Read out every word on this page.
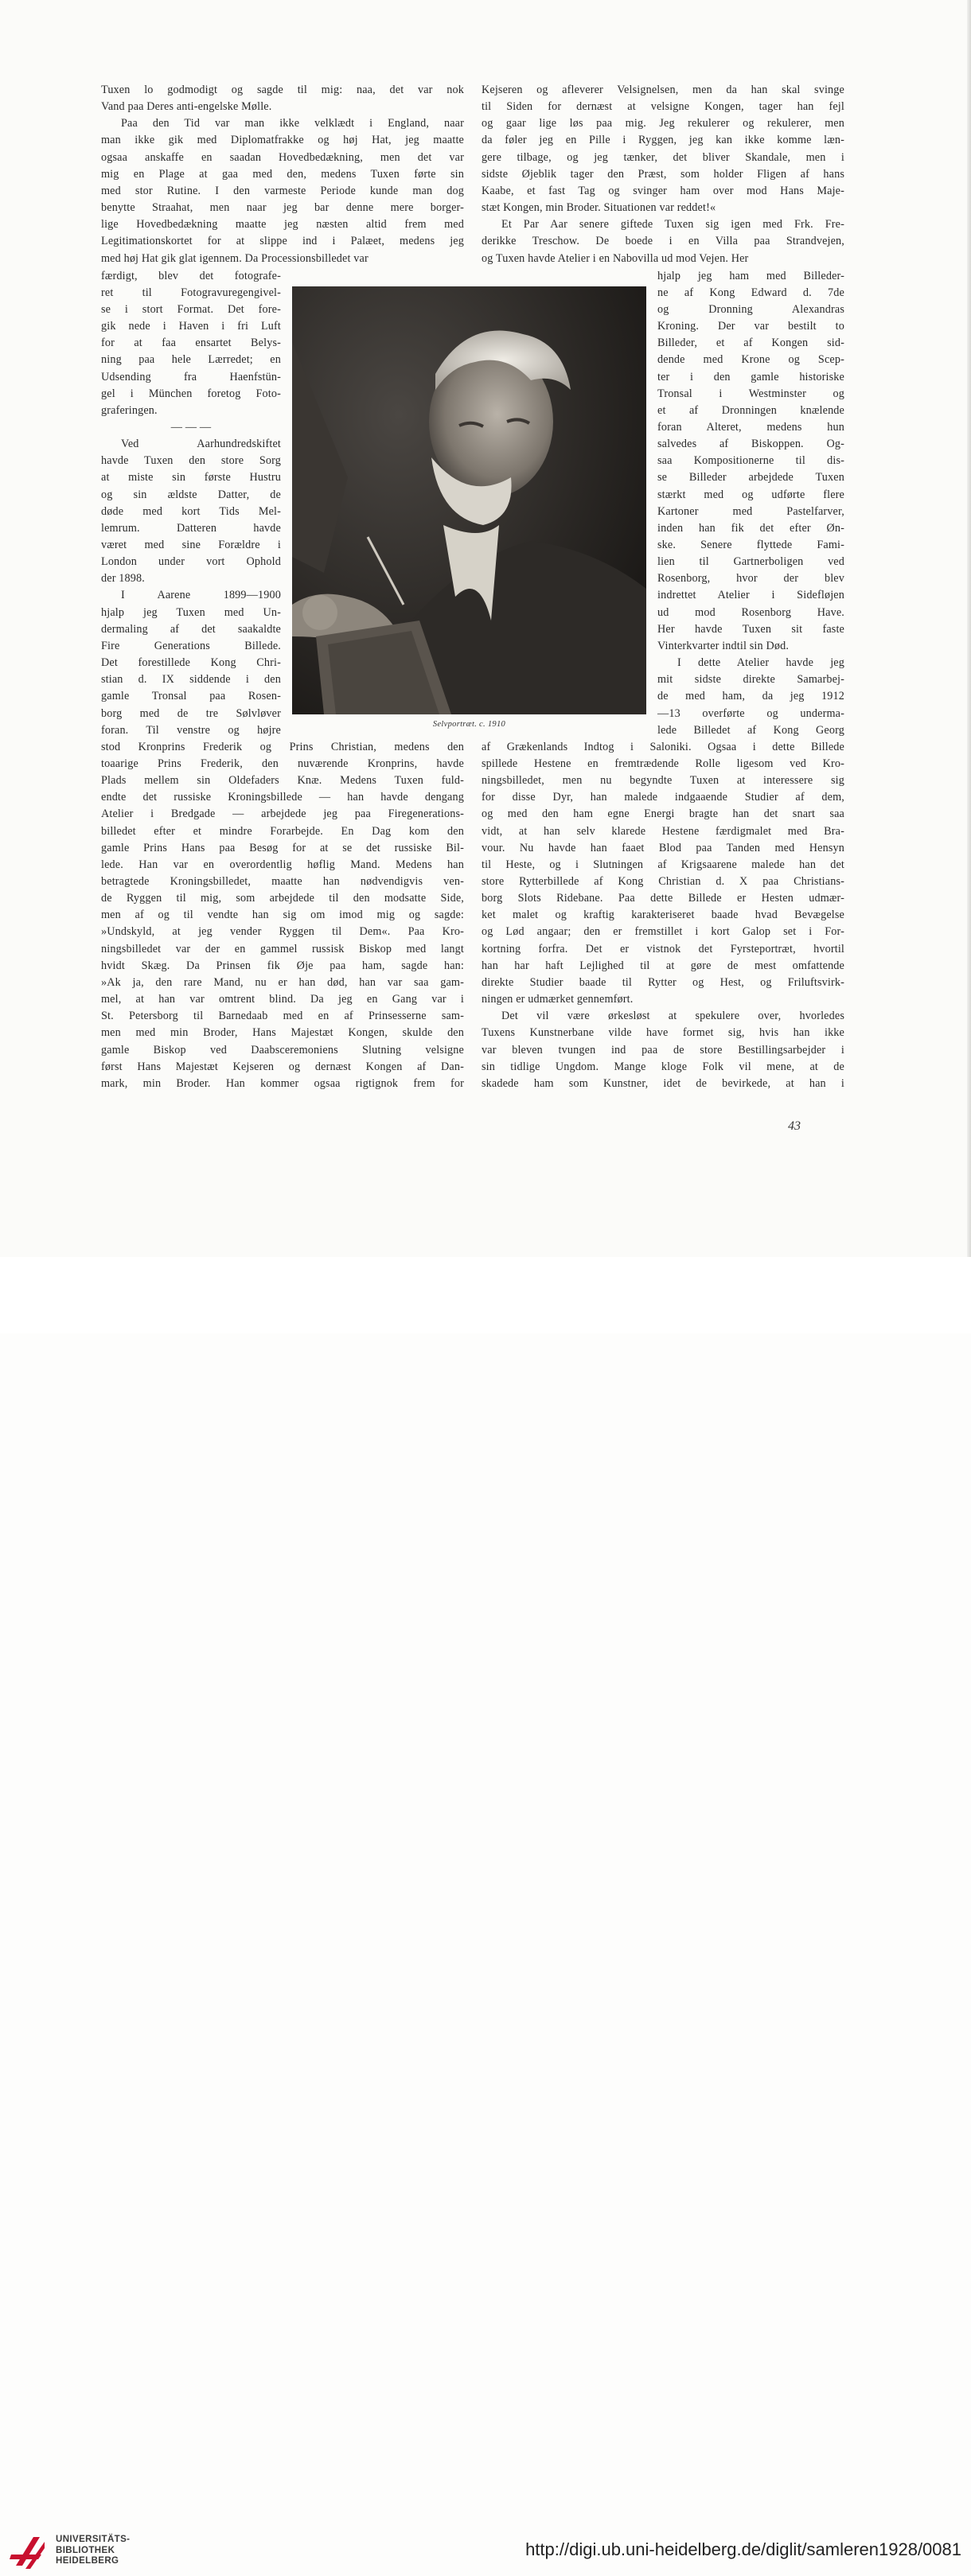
Tuxen lo godmodigt og sagde til mig: naa, det var nok
Vand paa Deres anti-engelske Mølle.
Paa den Tid var man ikke velklædt i England, naar
man ikke gik med Diplomatfrakke og høj Hat, jeg maatte
ogsaa anskaffe en saadan Hovedbedækning, men det var
mig en Plage at gaa med den, medens Tuxen førte sin
med stor Rutine. I den varmeste Periode kunde man dog
benytte Straahat, men naar jeg bar denne mere borger-
lige Hovedbedækning maatte jeg næsten altid frem med
Legitimationskortet for at slippe ind i Palæet, medens jeg
med høj Hat gik glat igennem. Da Processionsbilledet var
færdigt, blev det fotografe-
ret til Fotogravuregengivel-
se i stort Format. Det fore-
gik nede i Haven i fri Luft
for at faa ensartet Belys-
ning paa hele Lærredet; en
Udsending fra Haenfstün-
gel i München foretog Foto-
graferingen.
— — —
Ved Aarhundredskiftet
havde Tuxen den store Sorg
at miste sin første Hustru
og sin ældste Datter, de
døde med kort Tids Mel-
lemrum. Datteren havde
været med sine Forældre i
London under vort Ophold
der 1898.
I Aarene 1899—1900
hjalp jeg Tuxen med Un-
dermaling af det saakaldte
Fire Generations Billede.
Det forestillede Kong Chri-
stian d. IX siddende i den
gamle Tronsal paa Rosen-
borg med de tre Sølvløver
foran. Til venstre og højre
stod Kronprins Frederik og Prins Christian, medens den
toaarige Prins Frederik, den nuværende Kronprins, havde
Plads mellem sin Oldefaders Knæ. Medens Tuxen fuld-
endte det russiske Kroningsbillede — han havde dengang
Atelier i Bredgade — arbejdede jeg paa Firegenerations-
billedet efter et mindre Forarbejde. En Dag kom den
gamle Prins Hans paa Besøg for at se det russiske Bil-
lede. Han var en overordentlig høflig Mand. Medens han
betragtede Kroningsbilledet, maatte han nødvendigvis ven-
de Ryggen til mig, som arbejdede til den modsatte Side,
men af og til vendte han sig om imod mig og sagde:
»Undskyld, at jeg vender Ryggen til Dem«. Paa Kro-
ningsbilledet var der en gammel russisk Biskop med langt
hvidt Skæg. Da Prinsen fik Øje paa ham, sagde han:
»Ak ja, den rare Mand, nu er han død, han var saa gam-
mel, at han var omtrent blind. Da jeg en Gang var i
St. Petersborg til Barnedaab med en af Prinsesserne sam-
men med min Broder, Hans Majestæt Kongen, skulde den
gamle Biskop ved Daabsceremoniens Slutning velsigne
først Hans Majestæt Kejseren og dernæst Kongen af Dan-
mark, min Broder. Han kommer ogsaa rigtignok frem for
Kejseren og afleverer Velsignelsen, men da han skal svinge
til Siden for dernæst at velsigne Kongen, tager han fejl
og gaar lige løs paa mig. Jeg rekulerer og rekulerer, men
da føler jeg en Pille i Ryggen, jeg kan ikke komme læn-
gere tilbage, og jeg tænker, det bliver Skandale, men i
sidste Øjeblik tager den Præst, som holder Fligen af hans
Kaabe, et fast Tag og svinger ham over mod Hans Maje-
stæt Kongen, min Broder. Situationen var reddet!«
Et Par Aar senere giftede Tuxen sig igen med Frk. Fre-
derikke Treschow. De boede i en Villa paa Strandvejen,
og Tuxen havde Atelier i en Nabovilla ud mod Vejen. Her
hjalp jeg ham med Billeder-
ne af Kong Edward d. 7de
og Dronning Alexandras
Kroning. Der var bestilt to
Billeder, et af Kongen sid-
dende med Krone og Scep-
ter i den gamle historiske
Tronsal i Westminster og
et af Dronningen knælende
foran Alteret, medens hun
salvedes af Biskoppen. Og-
saa Kompositionerne til dis-
se Billeder arbejdede Tuxen
stærkt med og udførte flere
Kartoner med Pastelfarver,
inden han fik det efter Øn-
ske. Senere flyttede Fami-
lien til Gartnerboligen ved
Rosenborg, hvor der blev
indrettet Atelier i Sidefløjen
ud mod Rosenborg Have.
Her havde Tuxen sit faste
Vinterkvarter indtil sin Død.
I dette Atelier havde jeg
mit sidste direkte Samarbej-
de med ham, da jeg 1912
—13 overførte og underma-
lede Billedet af Kong Georg
af Grækenlands Indtog i Saloniki. Ogsaa i dette Billede
spillede Hestene en fremtrædende Rolle ligesom ved Kro-
ningsbilledet, men nu begyndte Tuxen at interessere sig
for disse Dyr, han malede indgaaende Studier af dem,
og med den ham egne Energi bragte han det snart saa
vidt, at han selv klarede Hestene færdigmalet med Bra-
vour. Nu havde han faaet Blod paa Tanden med Hensyn
til Heste, og i Slutningen af Krigsaarene malede han det
store Rytterbillede af Kong Christian d. X paa Christians-
borg Slots Ridebane. Paa dette Billede er Hesten udmær-
ket malet og kraftig karakteriseret baade hvad Bevægelse
og Lød angaar; den er fremstillet i kort Galop set i For-
kortning forfra. Det er vistnok det Fyrsteportræt, hvortil
han har haft Lejlighed til at gøre de mest omfattende
direkte Studier baade til Rytter og Hest, og Friluftsvirk-
ningen er udmærket gennemført.
Det vil være ørkesløst at spekulere over, hvorledes
Tuxens Kunstnerbane vilde have formet sig, hvis han ikke
var bleven tvungen ind paa de store Bestillingsarbejder i
sin tidlige Ungdom. Mange kloge Folk vil mene, at de
skadede ham som Kunstner, idet de bevirkede, at han i
Selvportræt. c. 1910
43
UNIVERSITÄTS-
BIBLIOTHEK
HEIDELBERG
http://digi.ub.uni-heidelberg.de/diglit/samleren1928/0081
